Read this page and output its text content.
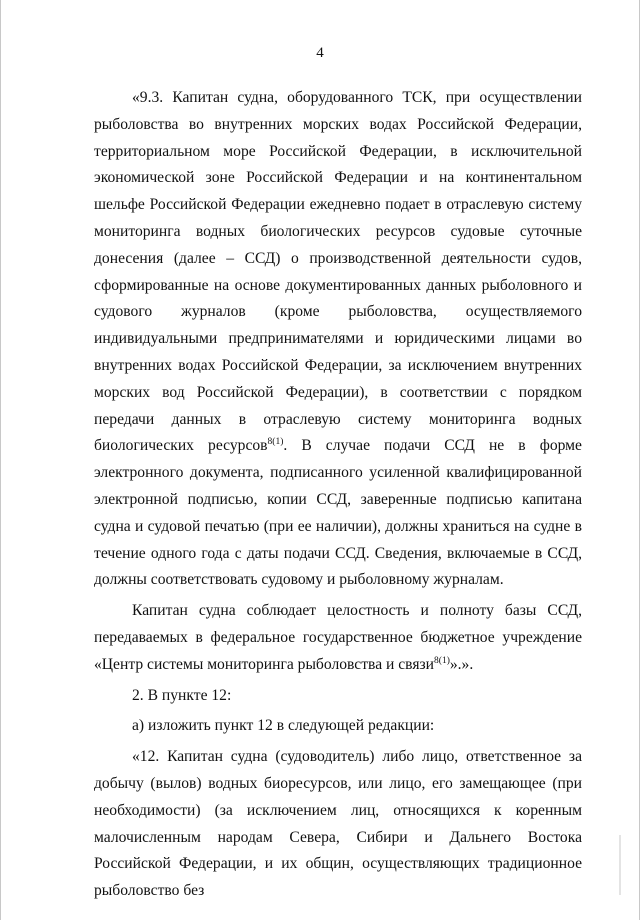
4

«9.3. Капитан судна, оборудованного ТСК, при осуществлении рыболовства во внутренних морских водах Российской Федерации, территориальном море Российской Федерации, в исключительной экономической зоне Российской Федерации и на континентальном шельфе Российской Федерации ежедневно подает в отраслевую систему мониторинга водных биологических ресурсов судовые суточные донесения (далее – ССД) о производственной деятельности судов, сформированные на основе документированных данных рыболовного и судового журналов (кроме рыболовства, осуществляемого индивидуальными предпринимателями и юридическими лицами во внутренних водах Российской Федерации, за исключением внутренних морских вод Российской Федерации), в соответствии с порядком передачи данных в отраслевую систему мониторинга водных биологических ресурсов$^{8(1)}$. В случае подачи ССД не в форме электронного документа, подписанного усиленной квалифицированной электронной подписью, копии ССД, заверенные подписью капитана судна и судовой печатью (при ее наличии), должны храниться на судне в течение одного года с даты подачи ССД. Сведения, включаемые в ССД, должны соответствовать судовому и рыболовному журналам.

Капитан судна соблюдает целостность и полноту базы ССД, передаваемых в федеральное государственное бюджетное учреждение «Центр системы мониторинга рыболовства и связи$^{8(1)}$».».

2. В пункте 12:

а) изложить пункт 12 в следующей редакции:

«12. Капитан судна (судоводитель) либо лицо, ответственное за добычу (вылов) водных биоресурсов, или лицо, его замещающее (при необходимости) (за исключением лиц, относящихся к коренным малочисленным народам Севера, Сибири и Дальнего Востока Российской Федерации, и их общин, осуществляющих традиционное рыболовство без
